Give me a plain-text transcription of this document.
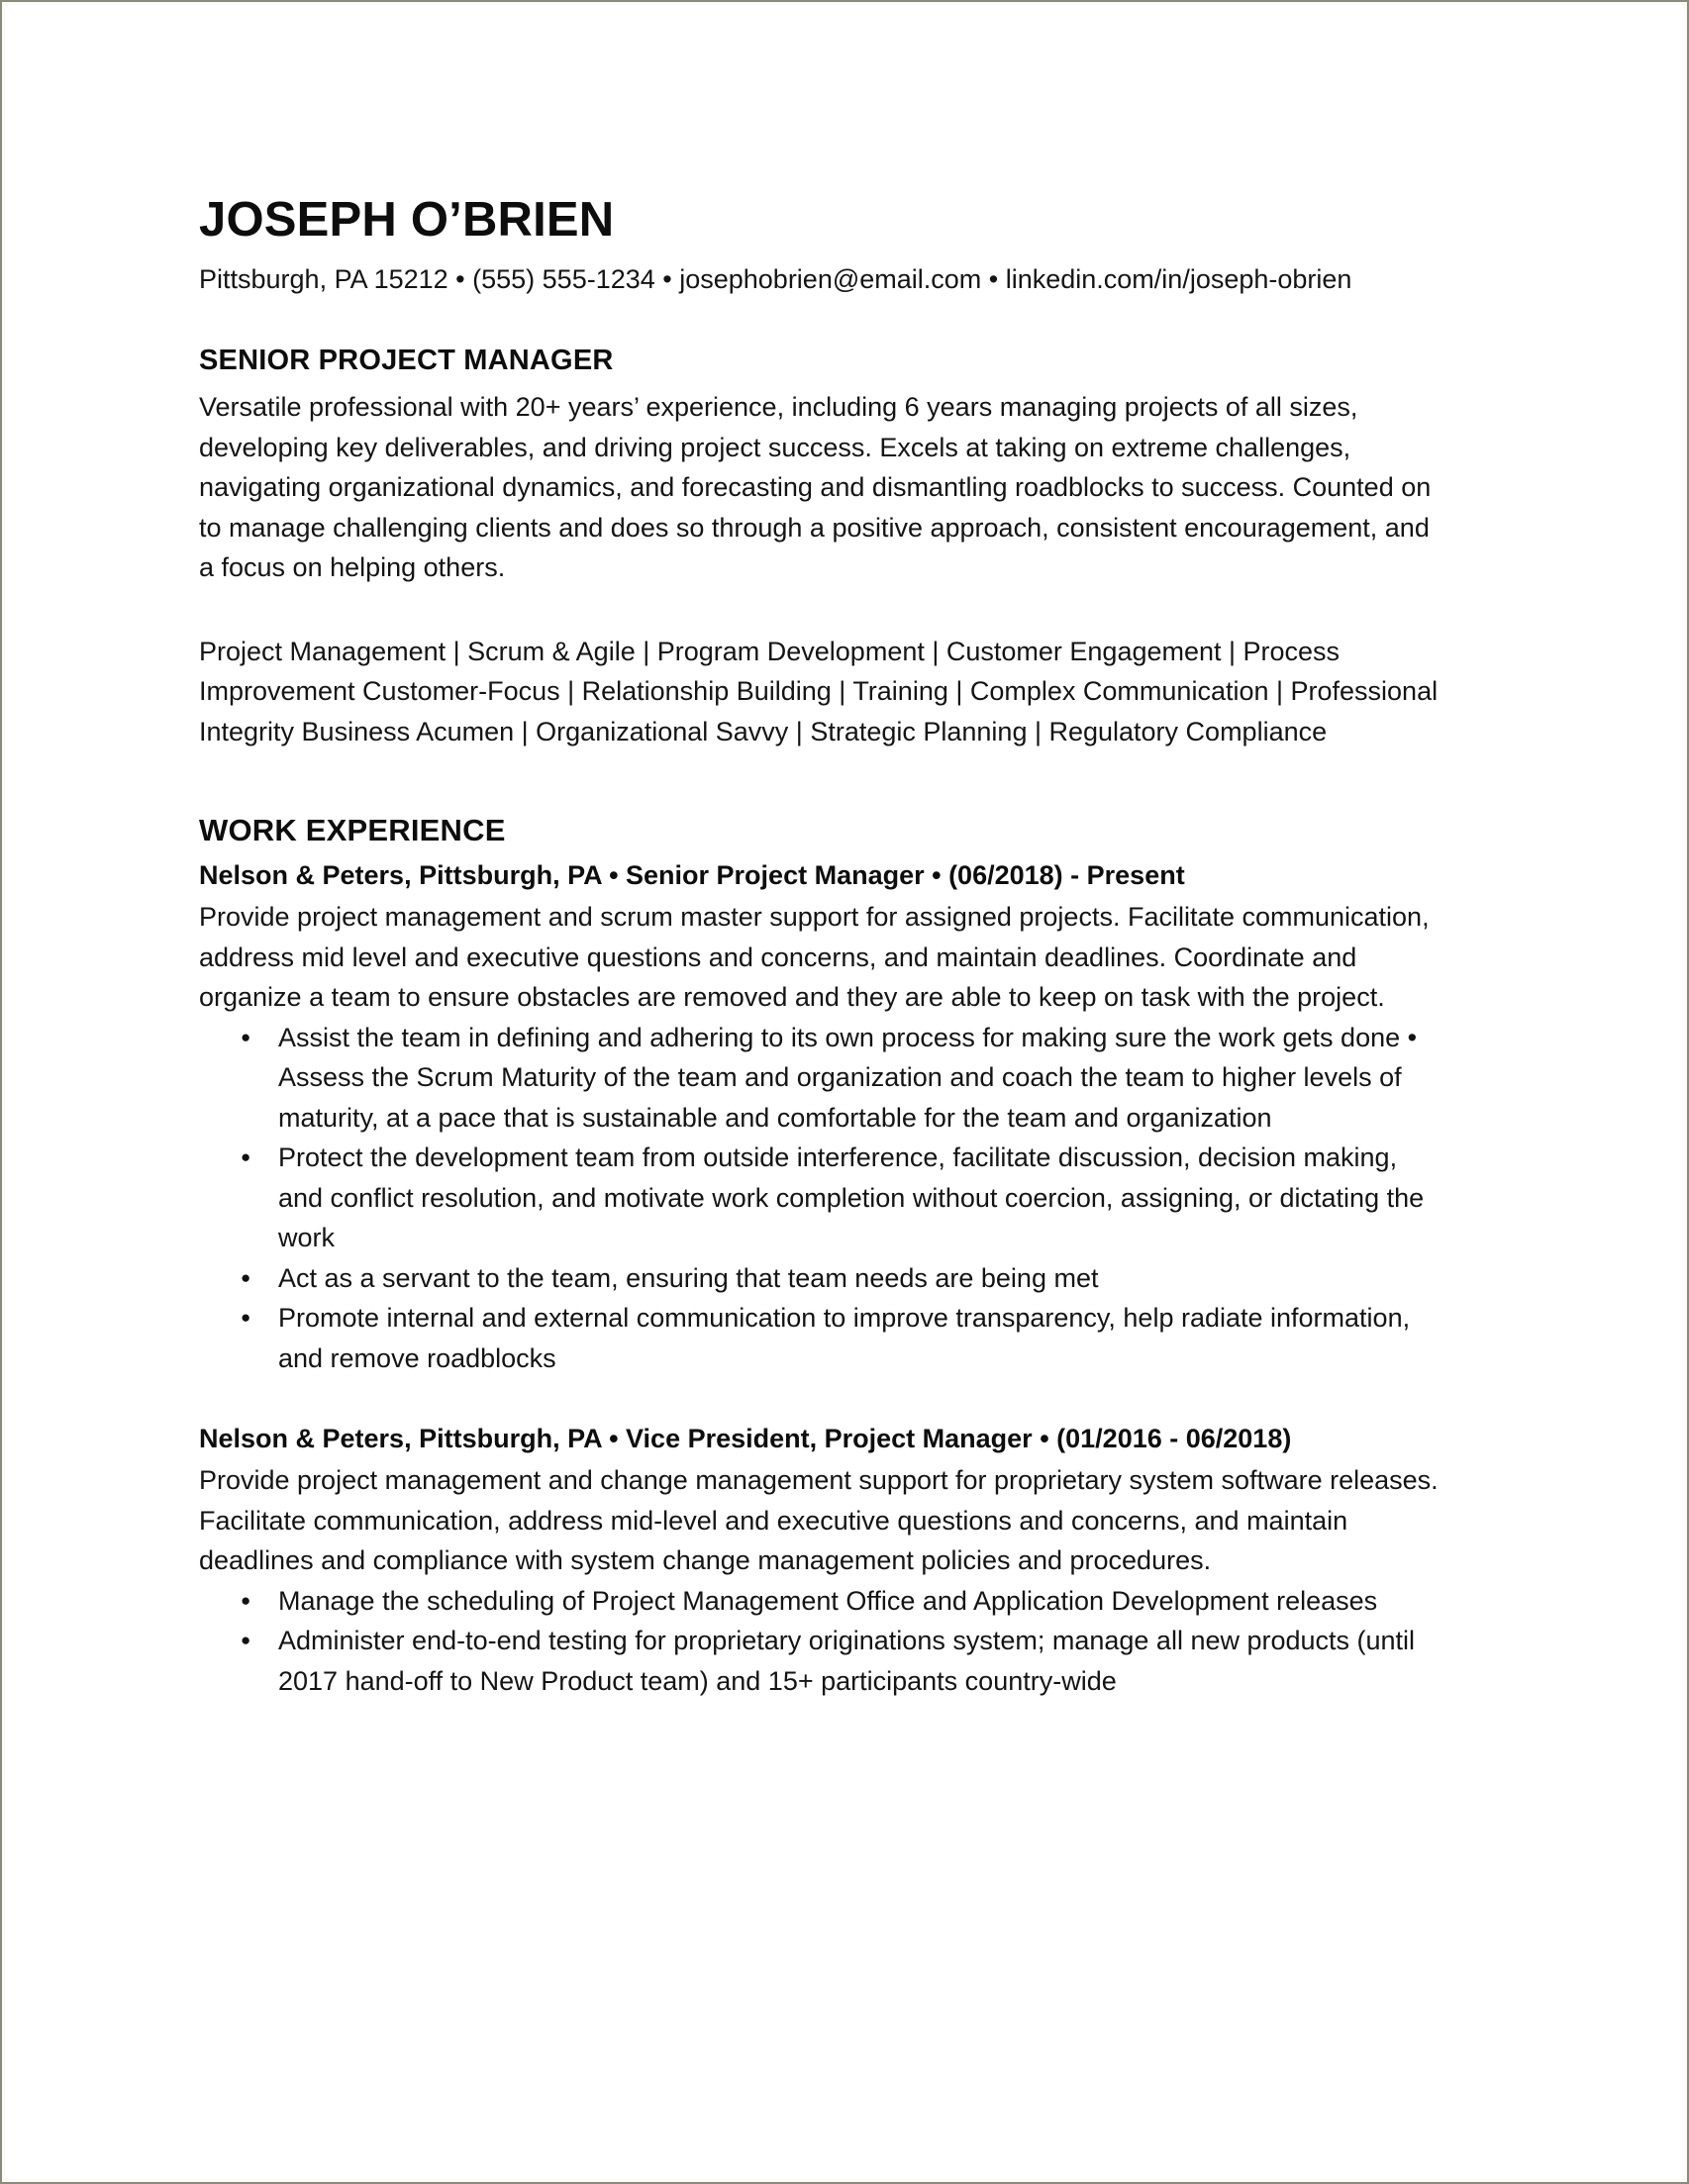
JOSEPH O’BRIEN
Pittsburgh, PA 15212 • (555) 555-1234 • josephobrien@email.com • linkedin.com/in/joseph-obrien
SENIOR PROJECT MANAGER

Versatile professional with 20+ years’ experience, including 6 years managing projects of all sizes, developing key deliverables, and driving project success. Excels at taking on extreme challenges, navigating organizational dynamics, and forecasting and dismantling roadblocks to success. Counted on to manage challenging clients and does so through a positive approach, consistent encouragement, and a focus on helping others.

Project Management | Scrum & Agile | Program Development | Customer Engagement | Process Improvement Customer-Focus | Relationship Building | Training | Complex Communication | Professional Integrity Business Acumen | Organizational Savvy | Strategic Planning | Regulatory Compliance

WORK EXPERIENCE
Nelson & Peters, Pittsburgh, PA • Senior Project Manager • (06/2018) - Present

Provide project management and scrum master support for assigned projects. Facilitate communication, address mid level and executive questions and concerns, and maintain deadlines. Coordinate and organize a team to ensure obstacles are removed and they are able to keep on task with the project.

● Assist the team in defining and adhering to its own process for making sure the work gets done • Assess the Scrum Maturity of the team and organization and coach the team to higher levels of maturity, at a pace that is sustainable and comfortable for the team and organization
● Protect the development team from outside interference, facilitate discussion, decision making, and conflict resolution, and motivate work completion without coercion, assigning, or dictating the work
● Act as a servant to the team, ensuring that team needs are being met
● Promote internal and external communication to improve transparency, help radiate information, and remove roadblocks
Nelson & Peters, Pittsburgh, PA • Vice President, Project Manager • (01/2016 - 06/2018)

Provide project management and change management support for proprietary system software releases. Facilitate communication, address mid-level and executive questions and concerns, and maintain deadlines and compliance with system change management policies and procedures.

● Manage the scheduling of Project Management Office and Application Development releases
● Administer end-to-end testing for proprietary originations system; manage all new products (until 2017 hand-off to New Product team) and 15+ participants country-wide
